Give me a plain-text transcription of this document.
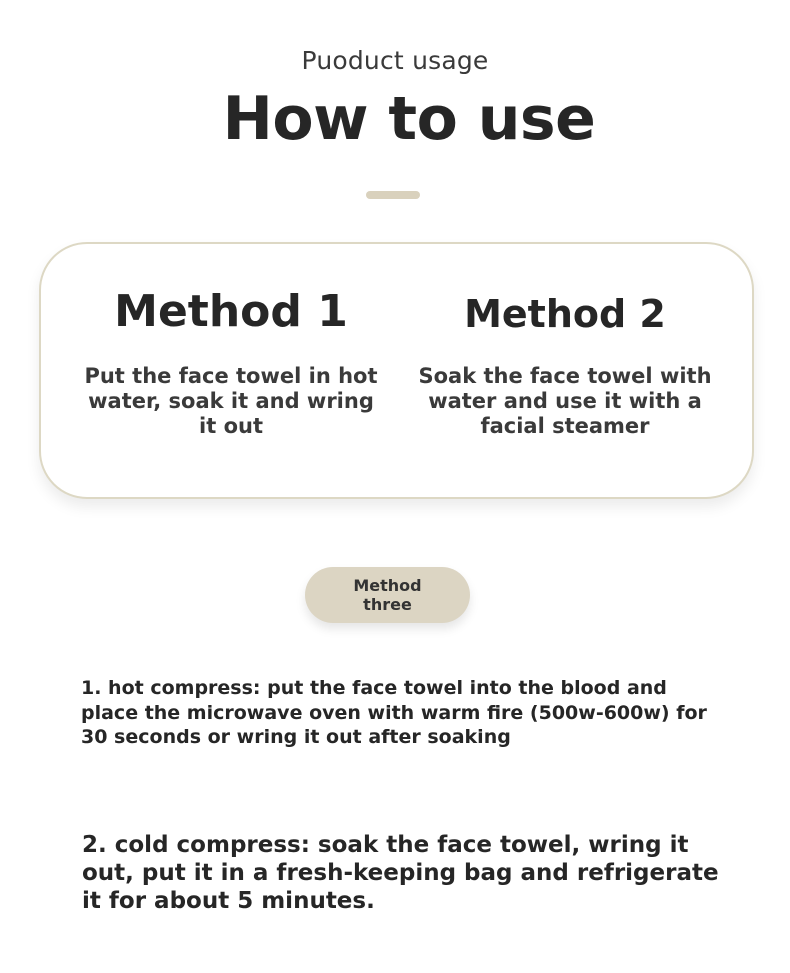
Puoduct usage
How to use
Method 1
Put the face towel in hot water, soak it and wring it out
Method 2
Soak the face towel with water and use it with a facial steamer
Method three
1. hot compress: put the face towel into the blood and place the microwave oven with warm fire (500w-600w) for 30 seconds or wring it out after soaking
2. cold compress: soak the face towel, wring it out, put it in a fresh-keeping bag and refrigerate it for about 5 minutes.
